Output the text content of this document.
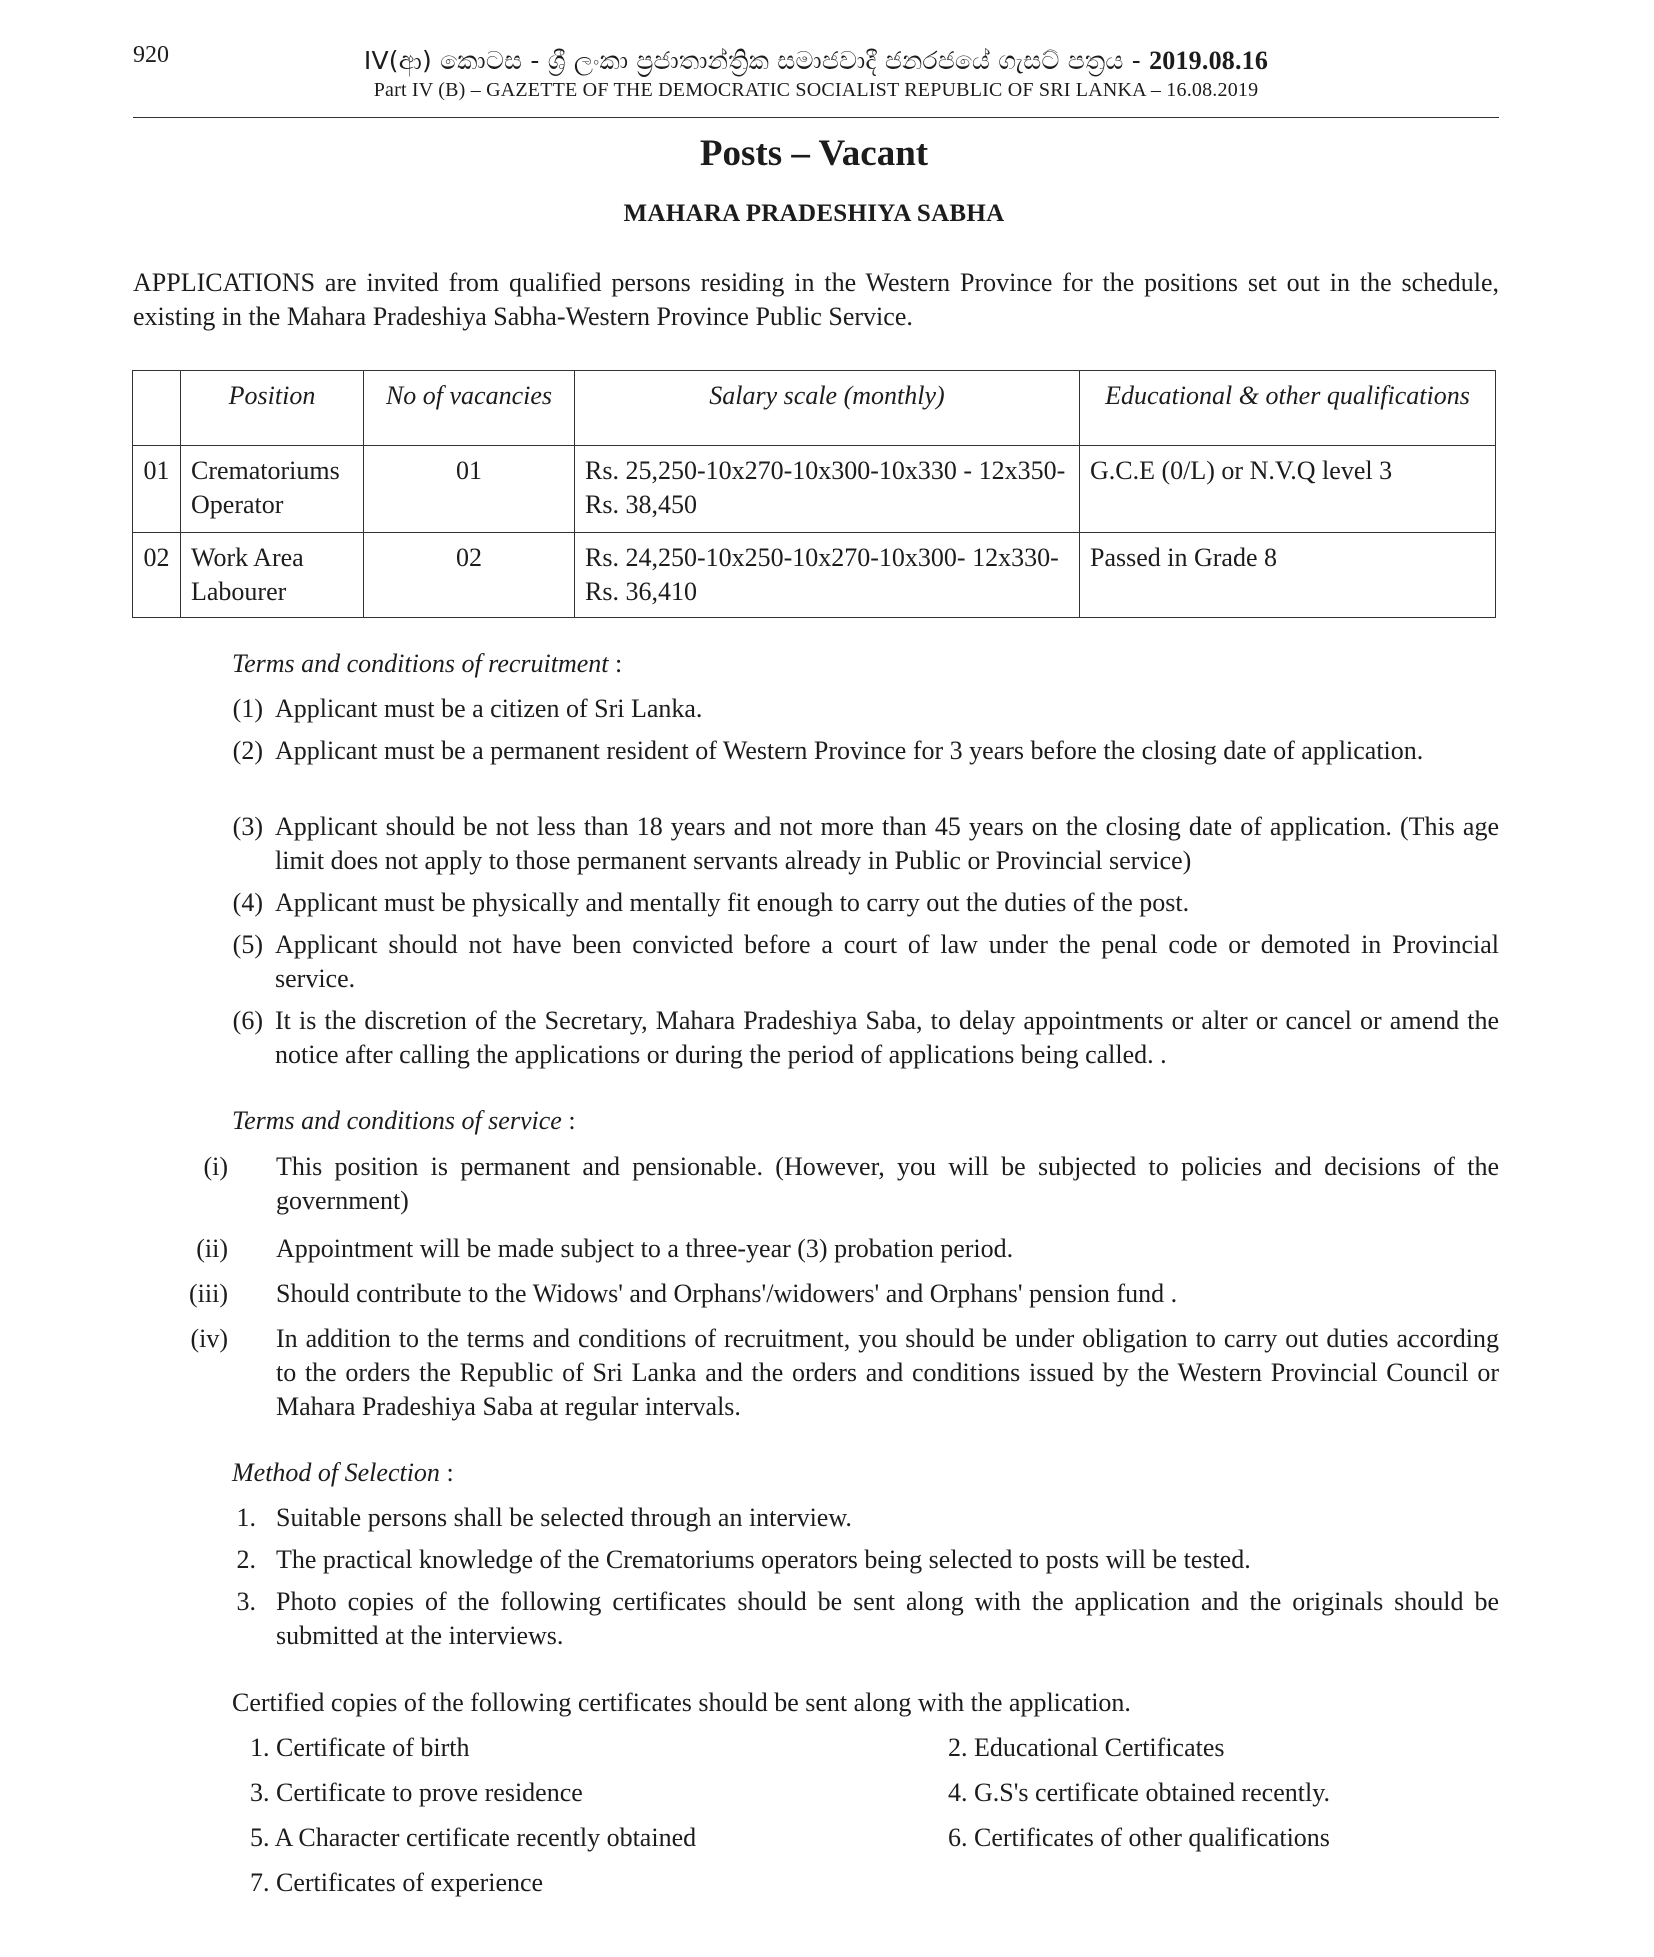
920	IV(ආ) කොටස - ශ්‍රී ලංකා ප්‍රජාතාන්ත්‍රික සමාජවාදී ජනරජයේ ගැසට් පත්‍රය - 2019.08.16
Part IV (B) – GAZETTE OF THE DEMOCRATIC SOCIALIST REPUBLIC OF SRI LANKA – 16.08.2019
Posts – Vacant
MAHARA PRADESHIYA SABHA
APPLICATIONS are invited from qualified persons residing in the Western Province for the positions set out in the schedule, existing in the Mahara Pradeshiya Sabha-Western Province Public Service.
	Position	No of vacancies	Salary scale (monthly)	Educational & other qualifications
01	Crematoriums Operator	01	Rs. 25,250-10x270-10x300-10x330 - 12x350- Rs. 38,450	G.C.E (0/L) or N.V.Q level 3
02	Work Area Labourer	02	Rs. 24,250-10x250-10x270-10x300- 12x330- Rs. 36,410	Passed in Grade 8
Terms and conditions of recruitment :
(1) Applicant must be a citizen of Sri Lanka.
(2) Applicant must be a permanent resident of Western Province for 3 years before the closing date of application.
(3) Applicant should be not less than 18 years and not more than 45 years on the closing date of application. (This age limit does not apply to those permanent servants already in Public or Provincial service)
(4) Applicant must be physically and mentally fit enough to carry out the duties of the post.
(5) Applicant should not have been convicted before a court of law under the penal code or demoted in Provincial service.
(6) It is the discretion of the Secretary, Mahara Pradeshiya Saba, to delay appointments or alter or cancel or amend the notice after calling the applications or during the period of applications being called. .
Terms and conditions of service :
(i) This position is permanent and pensionable. (However, you will be subjected to policies and decisions of the government)
(ii) Appointment will be made subject to a three-year (3) probation period.
(iii) Should contribute to the Widows' and Orphans'/widowers' and Orphans' pension fund .
(iv) In addition to the terms and conditions of recruitment, you should be under obligation to carry out duties according to the orders the Republic of Sri Lanka and the orders and conditions issued by the Western Provincial Council or Mahara Pradeshiya Saba at regular intervals.
Method of Selection :
1. Suitable persons shall be selected through an interview.
2. The practical knowledge of the Crematoriums operators being selected to posts will be tested.
3. Photo copies of the following certificates should be sent along with the application and the originals should be submitted at the interviews.
Certified copies of the following certificates should be sent along with the application.
1. Certificate of birth	2. Educational Certificates
3. Certificate to prove residence	4. G.S's certificate obtained recently.
5. A Character certificate recently obtained	6. Certificates of other qualifications
7. Certificates of experience
